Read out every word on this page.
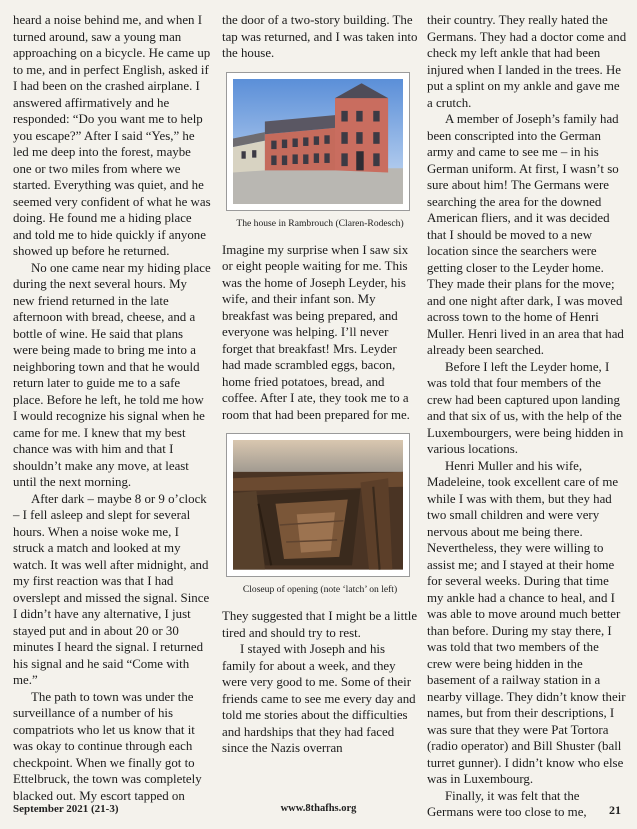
heard a noise behind me, and when I turned around, saw a young man approaching on a bicycle. He came up to me, and in perfect English, asked if I had been on the crashed airplane. I answered affirmatively and he responded: “Do you want me to help you escape?” After I said “Yes,” he led me deep into the forest, maybe one or two miles from where we started. Everything was quiet, and he seemed very confident of what he was doing. He found me a hiding place and told me to hide quickly if anyone showed up before he returned.

No one came near my hiding place during the next several hours. My new friend returned in the late afternoon with bread, cheese, and a bottle of wine. He said that plans were being made to bring me into a neighboring town and that he would return later to guide me to a safe place. Before he left, he told me how I would recognize his signal when he came for me. I knew that my best chance was with him and that I shouldn’t make any move, at least until the next morning.

After dark – maybe 8 or 9 o’clock – I fell asleep and slept for several hours. When a noise woke me, I struck a match and looked at my watch. It was well after midnight, and my first reaction was that I had overslept and missed the signal. Since I didn’t have any alternative, I just stayed put and in about 20 or 30 minutes I heard the signal. I returned his signal and he said “Come with me.”

The path to town was under the surveillance of a number of his compatriots who let us know that it was okay to continue through each checkpoint. When we finally got to Ettelbruck, the town was completely blacked out. My escort tapped on

the door of a two-story building. The tap was returned, and I was taken into the house.

The house in Rambrouch (Claren-Rodesch)

Imagine my surprise when I saw six or eight people waiting for me. This was the home of Joseph Leyder, his wife, and their infant son. My breakfast was being prepared, and everyone was helping. I’ll never forget that breakfast! Mrs. Leyder had made scrambled eggs, bacon, home fried potatoes, bread, and coffee. After I ate, they took me to a room that had been prepared for me.

Closeup of opening (note ‘latch’ on left)

They suggested that I might be a little tired and should try to rest.

I stayed with Joseph and his family for about a week, and they were very good to me. Some of their friends came to see me every day and told me stories about the difficulties and hardships that they had faced since the Nazis overran

their country. They really hated the Germans. They had a doctor come and check my left ankle that had been injured when I landed in the trees. He put a splint on my ankle and gave me a crutch.

A member of Joseph’s family had been conscripted into the German army and came to see me – in his German uniform. At first, I wasn’t so sure about him! The Germans were searching the area for the downed American fliers, and it was decided that I should be moved to a new location since the searchers were getting closer to the Leyder home. They made their plans for the move; and one night after dark, I was moved across town to the home of Henri Muller. Henri lived in an area that had already been searched.

Before I left the Leyder home, I was told that four members of the crew had been captured upon landing and that six of us, with the help of the Luxembourgers, were being hidden in various locations.

Henri Muller and his wife, Madeleine, took excellent care of me while I was with them, but they had two small children and were very nervous about me being there. Nevertheless, they were willing to assist me; and I stayed at their home for several weeks. During that time my ankle had a chance to heal, and I was able to move around much better than before. During my stay there, I was told that two members of the crew were being hidden in the basement of a railway station in a nearby village. They didn’t know their names, but from their descriptions, I was sure that they were Pat Tortora (radio operator) and Bill Shuster (ball turret gunner). I didn’t know who else was in Luxembourg.

Finally, it was felt that the Germans were too close to me,

www.8thafhs.org
September 2021 (21-3)	21
